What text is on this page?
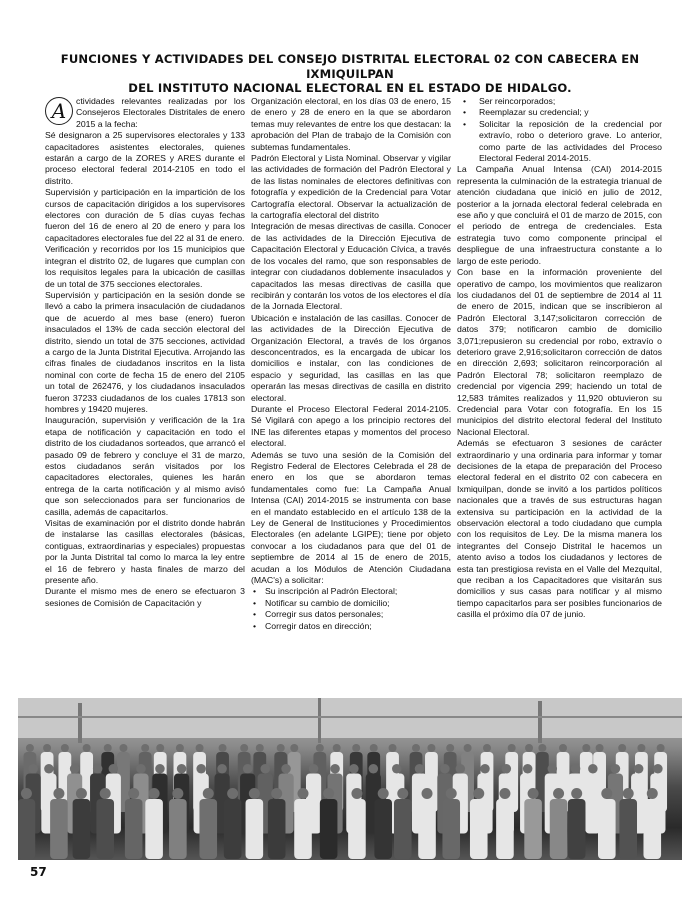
FUNCIONES Y ACTIVIDADES DEL CONSEJO DISTRITAL ELECTORAL 02 CON CABECERA EN IXMIQUILPAN
DEL INSTITUTO NACIONAL ELECTORAL EN EL ESTADO DE HIDALGO.

A	ctividades relevantes realizadas por los Consejeros Electorales Distritales de enero 2015 a la fecha:

Sé designaron a 25 supervisores electorales y 133 capacitadores asistentes electorales, quienes estarán a cargo de la ZORES y ARES durante el proceso electoral federal 2014-2105 en todo el distrito.

Supervisión y participación en la impartición de los cursos de capacitación dirigidos a los supervisores electores con duración de 5 días cuyas fechas fueron del 16 de enero al 20 de enero y para los capacitadores electorales fue del 22 al 31 de enero.

Verificación y recorridos por los 15 municipios que integran el distrito 02, de lugares que cumplan con los requisitos legales para la ubicación de casillas de un total de 375 secciones electorales.

Supervisión y participación en la sesión donde se llevó a cabo la primera insaculación de ciudadanos que de acuerdo al mes base (enero) fueron insaculados el 13% de cada sección electoral del distrito, siendo un total de 375 secciones, actividad a cargo de la Junta Distrital Ejecutiva. Arrojando las cifras finales de ciudadanos inscritos en la lista nominal con corte de fecha 15 de enero del 2105 un total de 262476, y los ciudadanos insaculados fueron 37233 ciudadanos de los cuales 17813 son hombres y 19420 mujeres.

Inauguración, supervisión y verificación de la 1ra etapa de notificación y capacitación en todo el distrito de los ciudadanos sorteados, que arrancó el pasado 09 de febrero y concluye el 31 de marzo, estos ciudadanos serán visitados por los capacitadores electorales, quienes les harán entrega de la carta notificación y al mismo avisó que son seleccionados para ser funcionarios de casilla, además de capacitarlos.

Visitas de examinación por el distrito donde habrán de instalarse las casillas electorales (básicas, contiguas, extraordinarias y especiales) propuestas por la Junta Distrital tal como lo marca la ley entre el 16 de febrero y hasta finales de marzo del presente año.

Durante el mismo mes de enero se efectuaron 3 sesiones de Comisión de Capacitación y

Organización electoral, en los días 03 de enero, 15 de enero y 28 de enero en la que se abordaron temas muy relevantes de entre los que destacan: la aprobación del Plan de trabajo de la Comisión con subtemas fundamentales.

Padrón Electoral y Lista Nominal. Observar y vigilar las actividades de formación del Padrón Electoral y de las listas nominales de electores definitivas con fotografía y expedición de la Credencial para Votar Cartografía electoral. Observar la actualización de la cartografía electoral del distrito

Integración de mesas directivas de casilla. Conocer de las actividades de la Dirección Ejecutiva de Capacitación Electoral y Educación Cívica, a través de los vocales del ramo, que son responsables de integrar con ciudadanos doblemente insaculados y capacitados las mesas directivas de casilla que recibirán y contarán los votos de los electores el día de la Jornada Electoral.

Ubicación e instalación de las casillas. Conocer de las actividades de la Dirección Ejecutiva de Organización Electoral, a través de los órganos desconcentrados, es la encargada de ubicar los domicilios e instalar, con las condiciones de espacio y seguridad, las casillas en las que operarán las mesas directivas de casilla en distrito electoral.

Durante el Proceso Electoral Federal 2014-2105. Sé Vigilará con apego a los principio rectores del INE las diferentes etapas y momentos del proceso electoral.

Además se tuvo una sesión de la Comisión del Registro Federal de Electores Celebrada el 28 de enero en los que se abordaron temas fundamentales como fue: La Campaña Anual Intensa (CAI) 2014-2015 se instrumenta con base en el mandato establecido en el artículo 138 de la Ley de General de Instituciones y Procedimientos Electorales (en adelante LGIPE); tiene por objeto convocar a los ciudadanos para que del 01 de septiembre de 2014 al 15 de enero de 2015, acudan a los Módulos de Atención Ciudadana (MAC's) a solicitar:

• Su inscripción al Padrón Electoral;
• Notificar su cambio de domicilio;
• Corregir sus datos personales;
• Corregir datos en dirección;
• Ser reincorporados;
• Reemplazar su credencial; y
• Solicitar la reposición de la credencial por extravío, robo o deterioro grave. Lo anterior, como parte de las actividades del Proceso Electoral Federal 2014-2015.

La Campaña Anual Intensa (CAI) 2014-2015 representa la culminación de la estrategia trianual de atención ciudadana que inició en julio de 2012, posterior a la jornada electoral federal celebrada en ese año y que concluirá el 01 de marzo de 2015, con el periodo de entrega de credenciales. Esta estrategia tuvo como componente principal el despliegue de una infraestructura constante a lo largo de este periodo.

Con base en la información proveniente del operativo de campo, los movimientos que realizaron los ciudadanos del 01 de septiembre de 2014 al 11 de enero de 2015, indican que se inscribieron al Padrón Electoral 3,147;solicitaron corrección de datos 379; notificaron cambio de domicilio 3,071;repusieron su credencial por robo, extravío o deterioro grave 2,916;solicitaron corrección de datos en dirección 2,693; solicitaron reincorporación al Padrón Electoral 78; solicitaron reemplazo de credencial por vigencia 299; haciendo un total de 12,583 trámites realizados y 11,920 obtuvieron su Credencial para Votar con fotografía. En los 15 municipios del distrito electoral federal del Instituto Nacional Electoral.

Además se efectuaron 3 sesiones de carácter extraordinario y una ordinaria para informar y tomar decisiones de la etapa de preparación del Proceso electoral federal en el distrito 02 con cabecera en Ixmiquilpan, donde se invitó a los partidos políticos nacionales que a través de sus estructuras hagan extensiva su participación en la actividad de la observación electoral a todo ciudadano que cumpla con los requisitos de Ley. De la misma manera los integrantes del Consejo Distrital le hacemos un atento aviso a todos los ciudadanos y lectores de esta tan prestigiosa revista en el Valle del Mezquital, que reciban a los Capacitadores que visitarán sus domicilios y sus casas para notificar y al mismo tiempo capacitarlos para ser posibles funcionarios de casilla el próximo día 07 de junio.

57
